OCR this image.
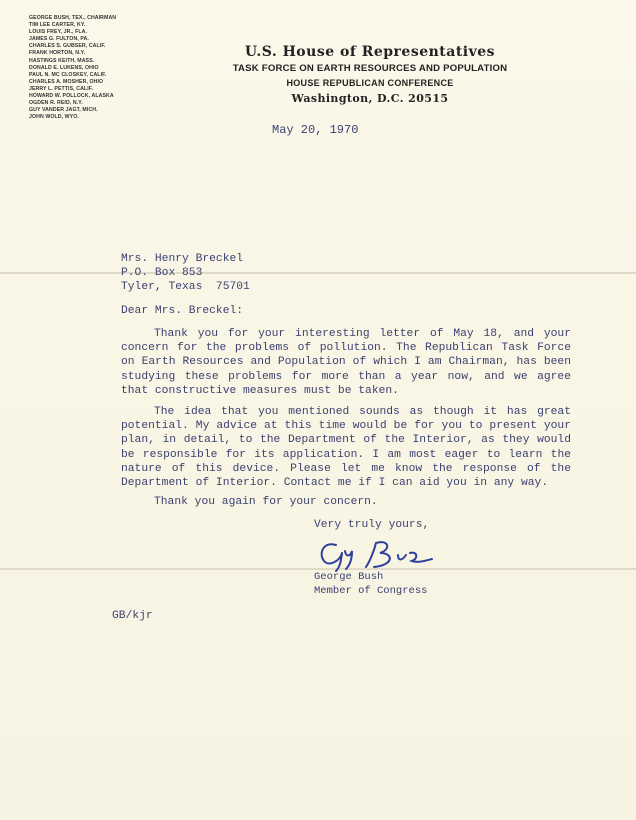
GEORGE BUSH, TEX., CHAIRMAN
TIM LEE CARTER, KY.
LOUIS FREY, JR., FLA.
JAMES G. FULTON, PA.
CHARLES S. GUBSER, CALIF.
FRANK HORTON, N.Y.
HASTINGS KEITH, MASS.
DONALD E. LUKENS, OHIO
PAUL N. MC CLOSKEY, CALIF.
CHARLES A. MOSHER, OHIO
JERRY L. PETTIS, CALIF.
HOWARD W. POLLOCK, ALASKA
OGDEN R. REID, N.Y.
GUY VANDER JAGT, MICH.
JOHN WOLD, WYO.
U.S. House of Representatives
TASK FORCE ON EARTH RESOURCES AND POPULATION
HOUSE REPUBLICAN CONFERENCE
Washington, D.C. 20515
May 20, 1970
Mrs. Henry Breckel
P.O. Box 853
Tyler, Texas  75701
Dear Mrs. Breckel:
Thank you for your interesting letter of May 18, and your concern for the problems of pollution. The Republican Task Force on Earth Resources and Population of which I am Chairman, has been studying these problems for more than a year now, and we agree that constructive measures must be taken.
The idea that you mentioned sounds as though it has great potential. My advice at this time would be for you to present your plan, in detail, to the Department of the Interior, as they would be responsible for its application. I am most eager to learn the nature of this device. Please let me know the response of the Department of Interior. Contact me if I can aid you in any way.
Thank you again for your concern.
Very truly yours,
George Bush
Member of Congress
GB/kjr
